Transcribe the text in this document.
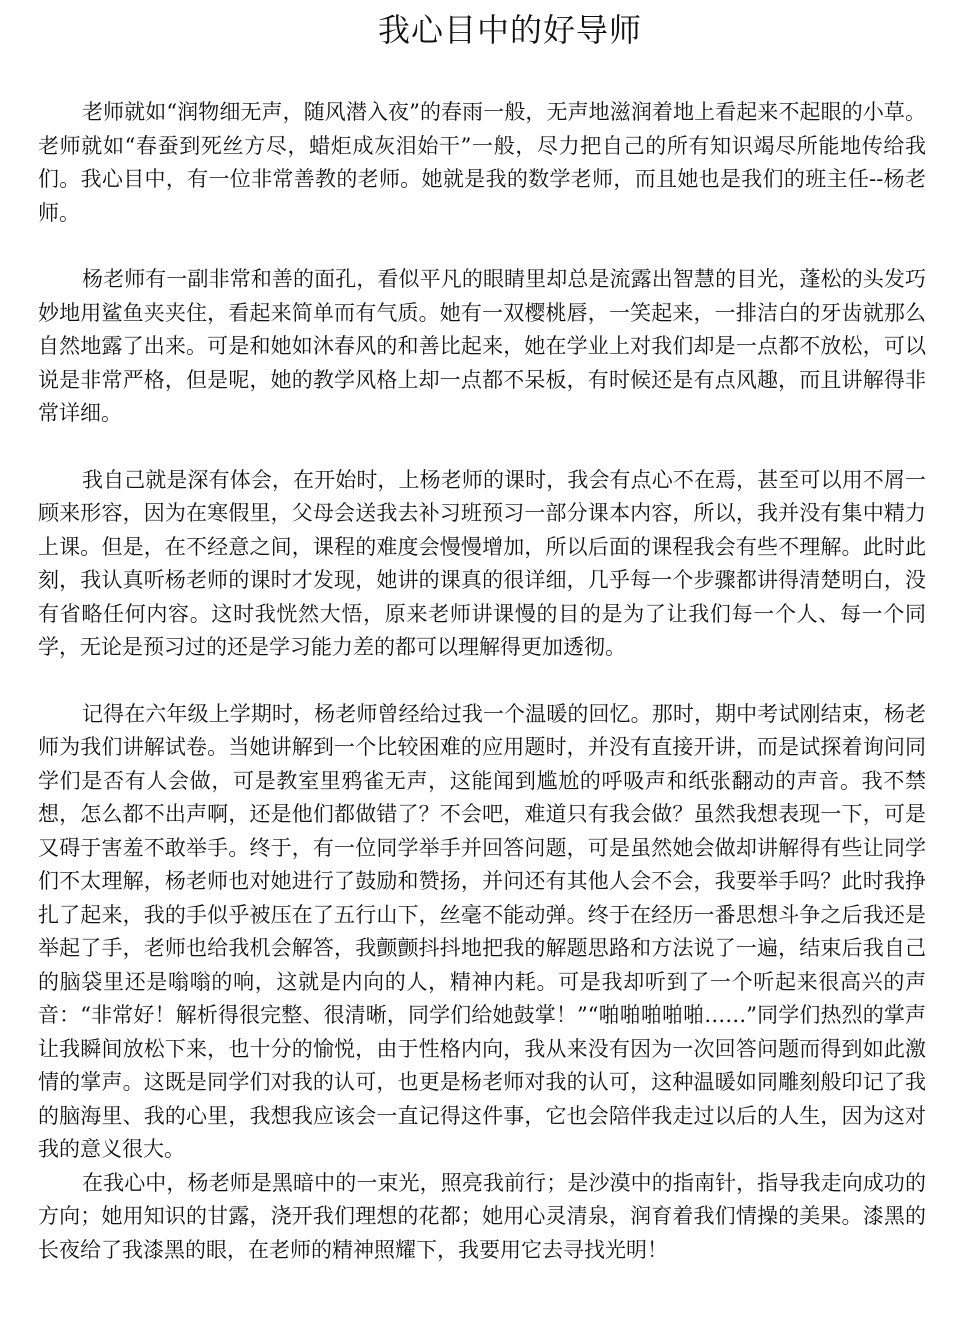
我心目中的好导师

老师就如“润物细无声，随风潜入夜”的春雨一般，无声地滋润着地上看起来不起眼的小草。老师就如“春蚕到死丝方尽，蜡炬成灰泪始干”一般，尽力把自己的所有知识竭尽所能地传给我们。我心目中，有一位非常善教的老师。她就是我的数学老师，而且她也是我们的班主任--杨老师。

杨老师有一副非常和善的面孔，看似平凡的眼睛里却总是流露出智慧的目光，蓬松的头发巧妙地用鲨鱼夹夹住，看起来简单而有气质。她有一双樱桃唇，一笑起来，一排洁白的牙齿就那么自然地露了出来。可是和她如沐春风的和善比起来，她在学业上对我们却是一点都不放松，可以说是非常严格，但是呢，她的教学风格上却一点都不呆板，有时候还是有点风趣，而且讲解得非常详细。

我自己就是深有体会，在开始时，上杨老师的课时，我会有点心不在焉，甚至可以用不屑一顾来形容，因为在寒假里，父母会送我去补习班预习一部分课本内容，所以，我并没有集中精力上课。但是，在不经意之间，课程的难度会慢慢增加，所以后面的课程我会有些不理解。此时此刻，我认真听杨老师的课时才发现，她讲的课真的很详细，几乎每一个步骤都讲得清楚明白，没有省略任何内容。这时我恍然大悟，原来老师讲课慢的目的是为了让我们每一个人、每一个同学，无论是预习过的还是学习能力差的都可以理解得更加透彻。

记得在六年级上学期时，杨老师曾经给过我一个温暖的回忆。那时，期中考试刚结束，杨老师为我们讲解试卷。当她讲解到一个比较困难的应用题时，并没有直接开讲，而是试探着询问同学们是否有人会做，可是教室里鸦雀无声，这能闻到尴尬的呼吸声和纸张翻动的声音。我不禁想，怎么都不出声啊，还是他们都做错了？不会吧，难道只有我会做？虽然我想表现一下，可是又碍于害羞不敢举手。终于，有一位同学举手并回答问题，可是虽然她会做却讲解得有些让同学们不太理解，杨老师也对她进行了鼓励和赞扬，并问还有其他人会不会，我要举手吗？此时我挣扎了起来，我的手似乎被压在了五行山下，丝毫不能动弹。终于在经历一番思想斗争之后我还是举起了手，老师也给我机会解答，我颤颤抖抖地把我的解题思路和方法说了一遍，结束后我自己的脑袋里还是嗡嗡的响，这就是内向的人，精神内耗。可是我却听到了一个听起来很高兴的声音：“非常好！解析得很完整、很清晰，同学们给她鼓掌！”“啪啪啪啪啪……”同学们热烈的掌声让我瞬间放松下来，也十分的愉悦，由于性格内向，我从来没有因为一次回答问题而得到如此激情的掌声。这既是同学们对我的认可，也更是杨老师对我的认可，这种温暖如同雕刻般印记了我的脑海里、我的心里，我想我应该会一直记得这件事，它也会陪伴我走过以后的人生，因为这对我的意义很大。

在我心中，杨老师是黑暗中的一束光，照亮我前行；是沙漠中的指南针，指导我走向成功的方向；她用知识的甘露，浇开我们理想的花都；她用心灵清泉，润育着我们情操的美果。漆黑的长夜给了我漆黑的眼，在老师的精神照耀下，我要用它去寻找光明！
